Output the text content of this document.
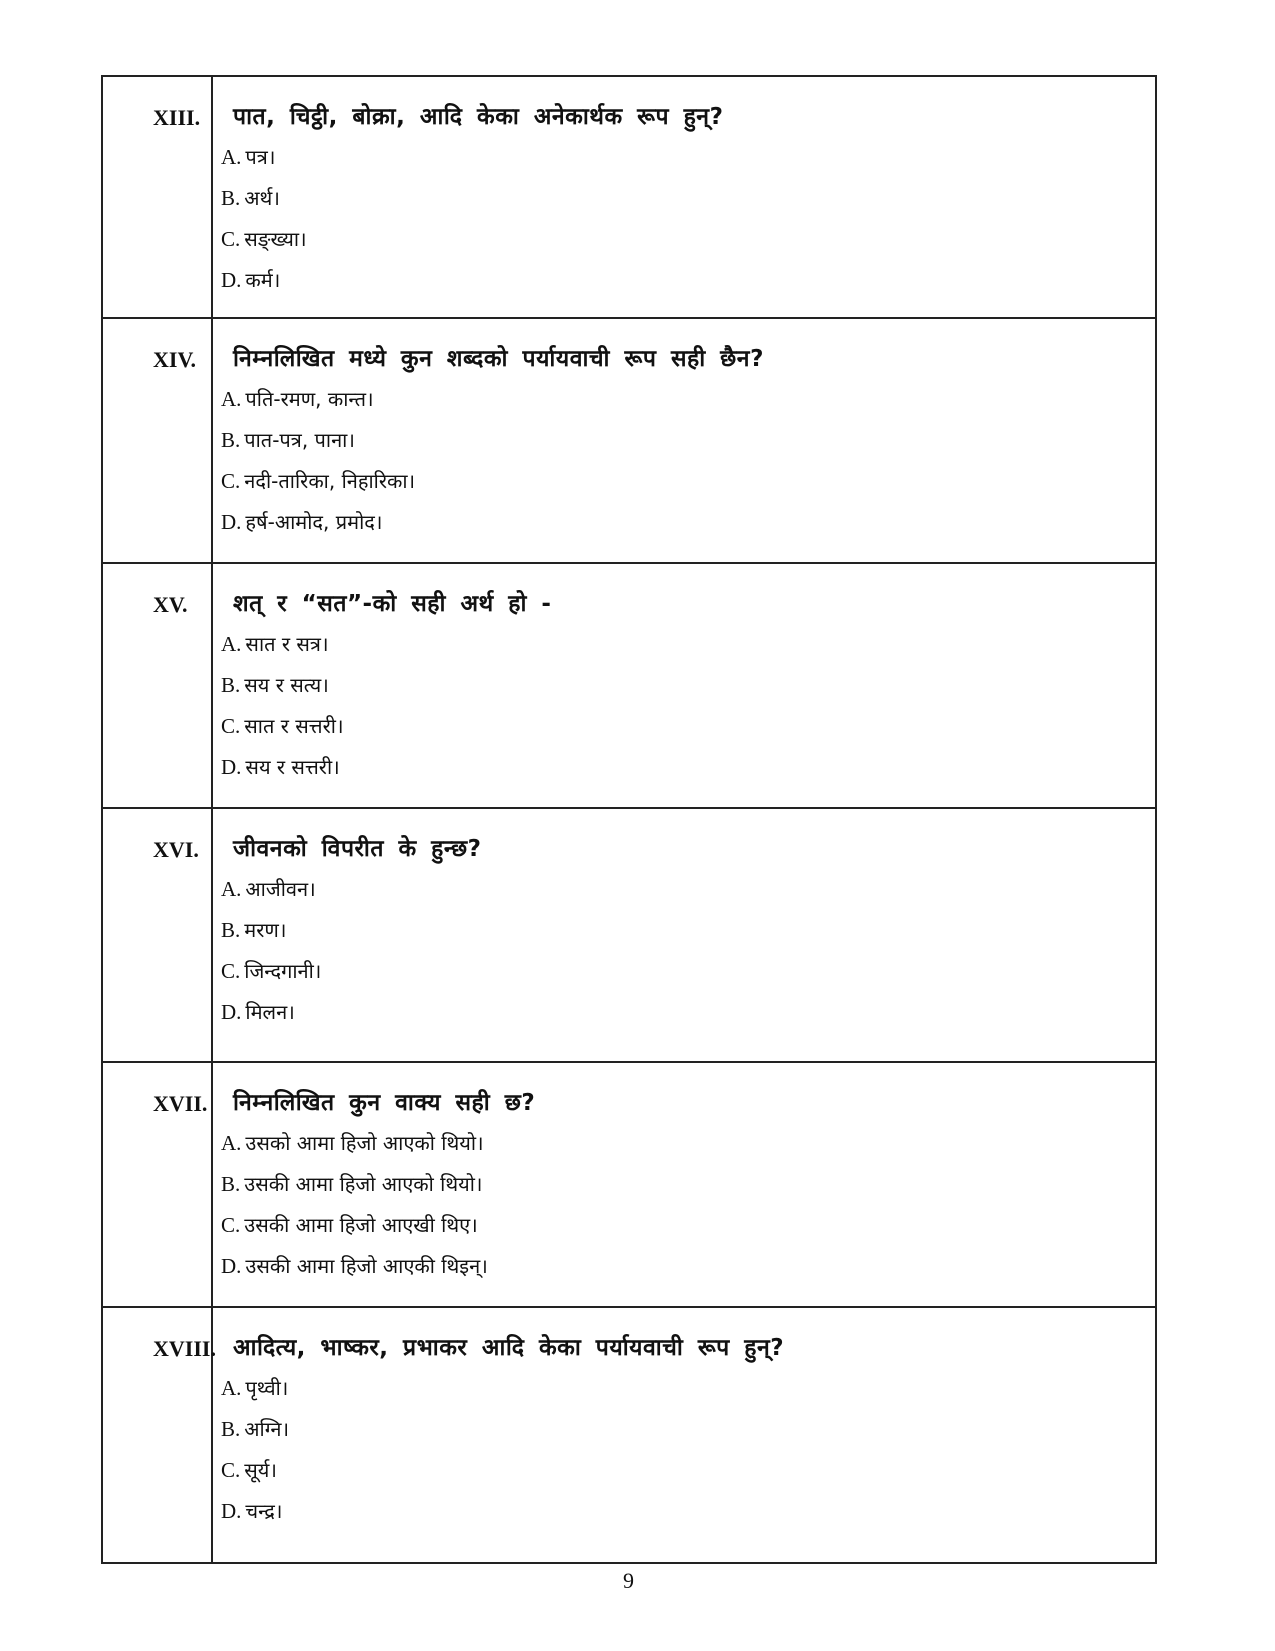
XIII.	पात, चिट्ठी, बोक्रा, आदि केका अनेकार्थक रूप हुन्?
A. पत्र।
B. अर्थ।
C. सङ्ख्या।
D. कर्म।

XIV.	निम्नलिखित मध्ये कुन शब्दको पर्यायवाची रूप सही छैन?
A. पति-रमण, कान्त।
B. पात-पत्र, पाना।
C. नदी-तारिका, निहारिका।
D. हर्ष-आमोद, प्रमोद।

XV.	शत् र “सत”-को सही अर्थ हो -
A. सात र सत्र।
B. सय र सत्य।
C. सात र सत्तरी।
D. सय र सत्तरी।

XVI.	जीवनको विपरीत के हुन्छ?
A. आजीवन।
B. मरण।
C. जिन्दगानी।
D. मिलन।

XVII.	निम्नलिखित कुन वाक्य सही छ?
A. उसको आमा हिजो आएको थियो।
B. उसकी आमा हिजो आएको थियो।
C. उसकी आमा हिजो आएखी थिए।
D. उसकी आमा हिजो आएकी थिइन्।

XVIII.	आदित्य, भाष्कर, प्रभाकर आदि केका पर्यायवाची रूप हुन्?
A. पृथ्वी।
B. अग्नि।
C. सूर्य।
D. चन्द्र।
9
